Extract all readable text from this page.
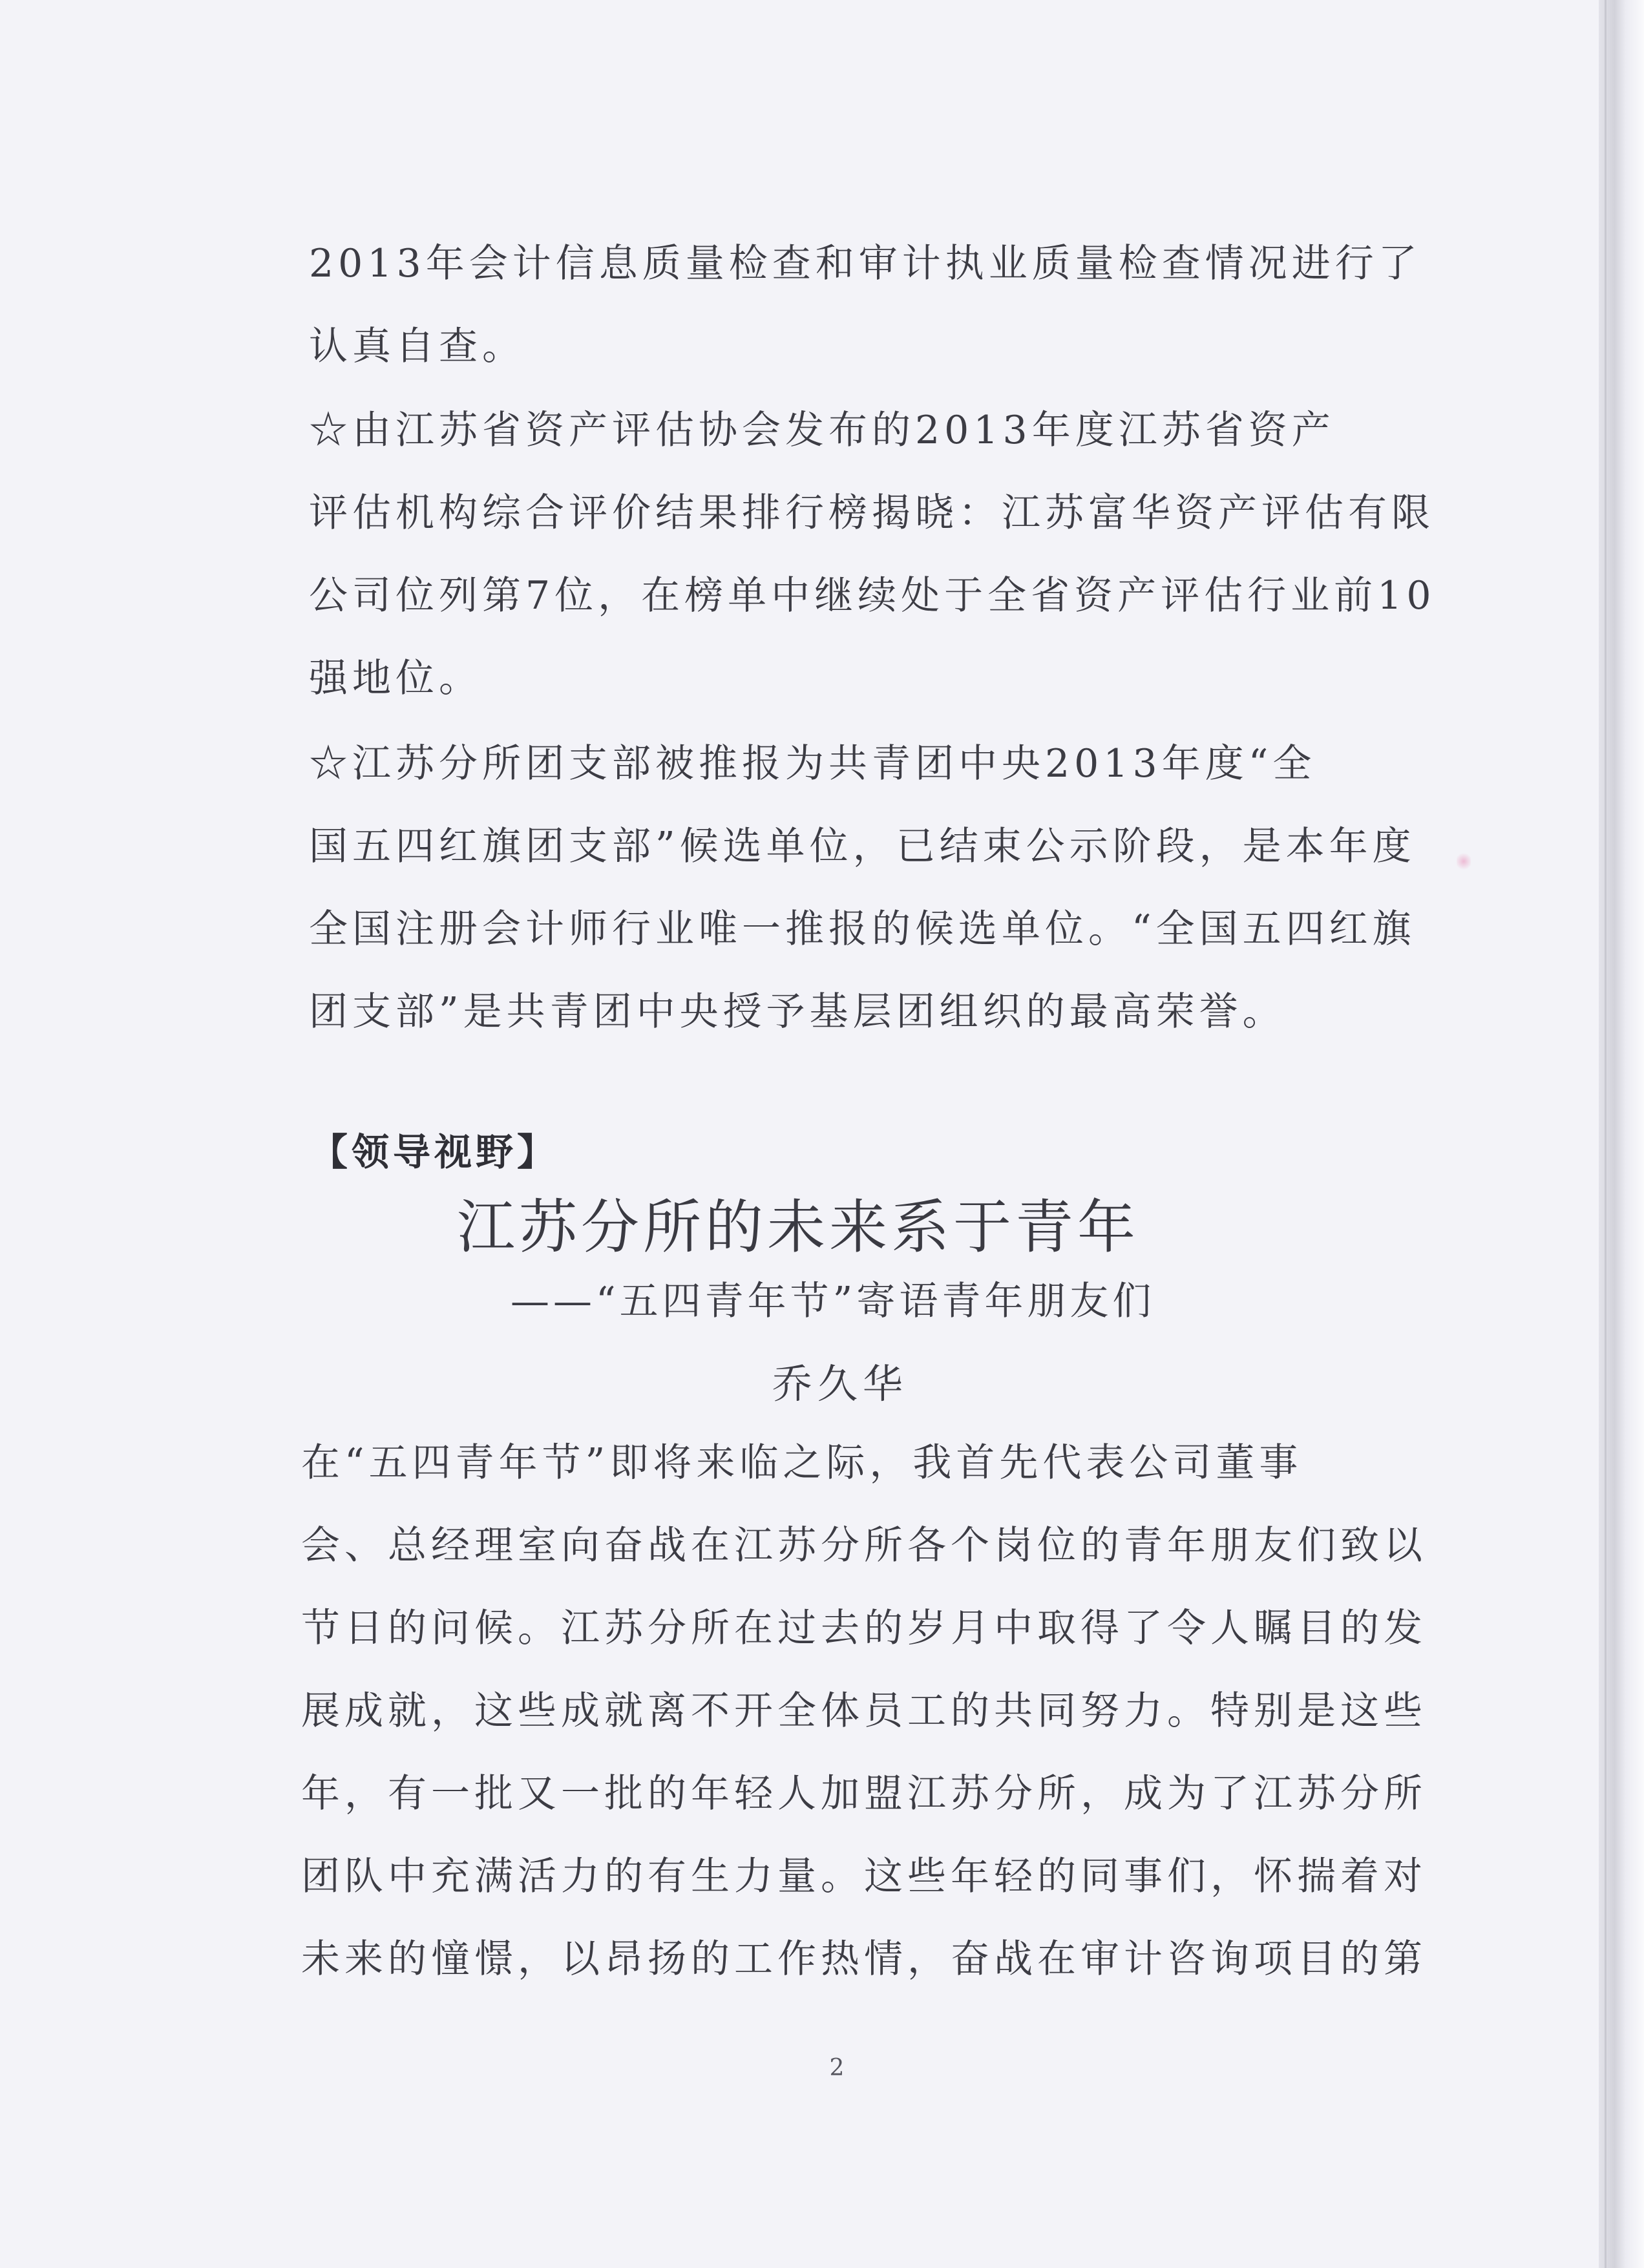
2013年会计信息质量检查和审计执业质量检查情况进行了
认真自查。
☆由江苏省资产评估协会发布的2013年度江苏省资产
评估机构综合评价结果排行榜揭晓：江苏富华资产评估有限
公司位列第7位，在榜单中继续处于全省资产评估行业前10
强地位。
☆江苏分所团支部被推报为共青团中央2013年度“全
国五四红旗团支部”候选单位，已结束公示阶段，是本年度
全国注册会计师行业唯一推报的候选单位。“全国五四红旗
团支部”是共青团中央授予基层团组织的最高荣誉。
【领导视野】
江苏分所的未来系于青年
——“五四青年节”寄语青年朋友们
乔久华
在“五四青年节”即将来临之际，我首先代表公司董事
会、总经理室向奋战在江苏分所各个岗位的青年朋友们致以
节日的问候。江苏分所在过去的岁月中取得了令人瞩目的发
展成就，这些成就离不开全体员工的共同努力。特别是这些
年，有一批又一批的年轻人加盟江苏分所，成为了江苏分所
团队中充满活力的有生力量。这些年轻的同事们，怀揣着对
未来的憧憬，以昂扬的工作热情，奋战在审计咨询项目的第
2
